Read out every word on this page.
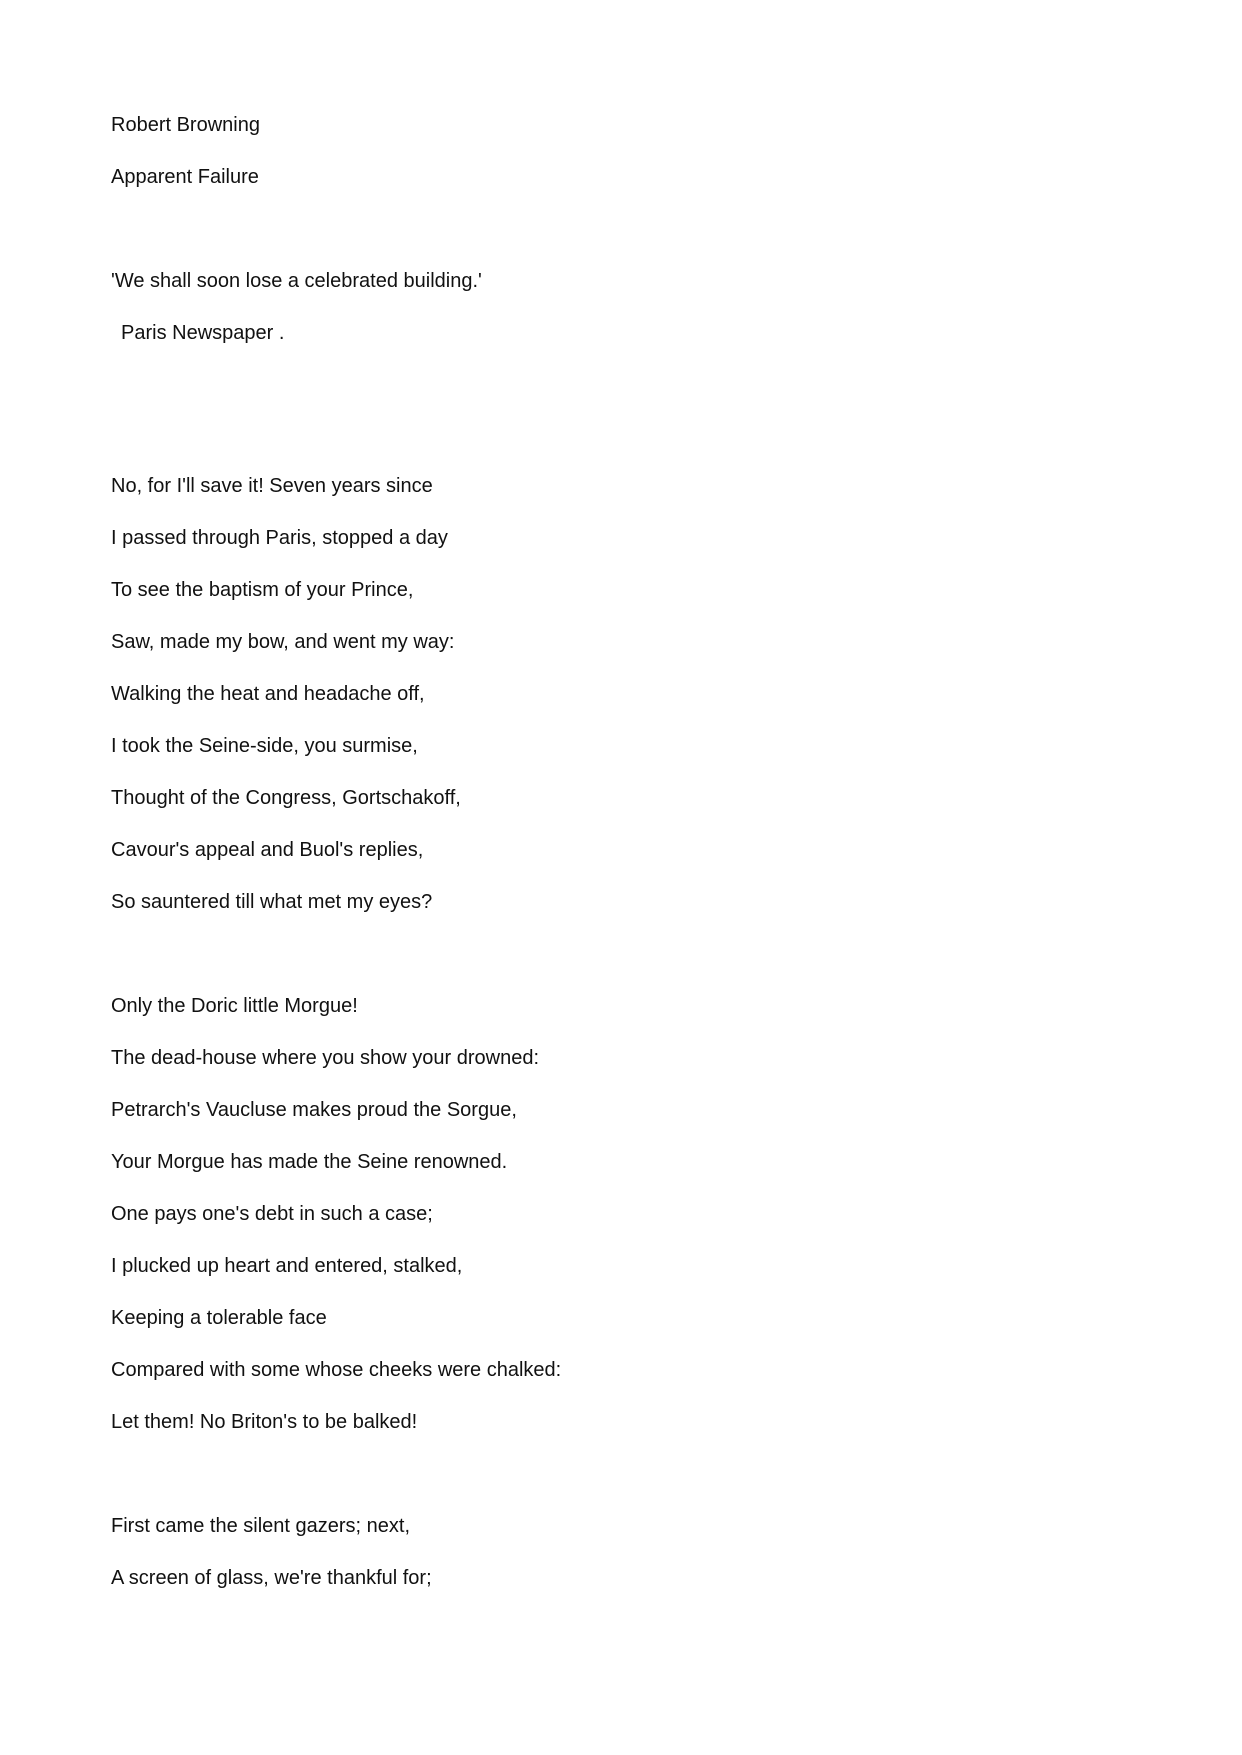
Robert Browning

Apparent Failure

'We shall soon lose a celebrated building.'

Paris Newspaper .

No, for I'll save it! Seven years since

I passed through Paris, stopped a day

To see the baptism of your Prince,

Saw, made my bow, and went my way:

Walking the heat and headache off,

I took the Seine-side, you surmise,

Thought of the Congress, Gortschakoff,

Cavour's appeal and Buol's replies,

So sauntered till what met my eyes?

Only the Doric little Morgue!

The dead-house where you show your drowned:

Petrarch's Vaucluse makes proud the Sorgue,

Your Morgue has made the Seine renowned.

One pays one's debt in such a case;

I plucked up heart and entered, stalked,

Keeping a tolerable face

Compared with some whose cheeks were chalked:

Let them! No Briton's to be balked!

First came the silent gazers; next,

A screen of glass, we're thankful for;
